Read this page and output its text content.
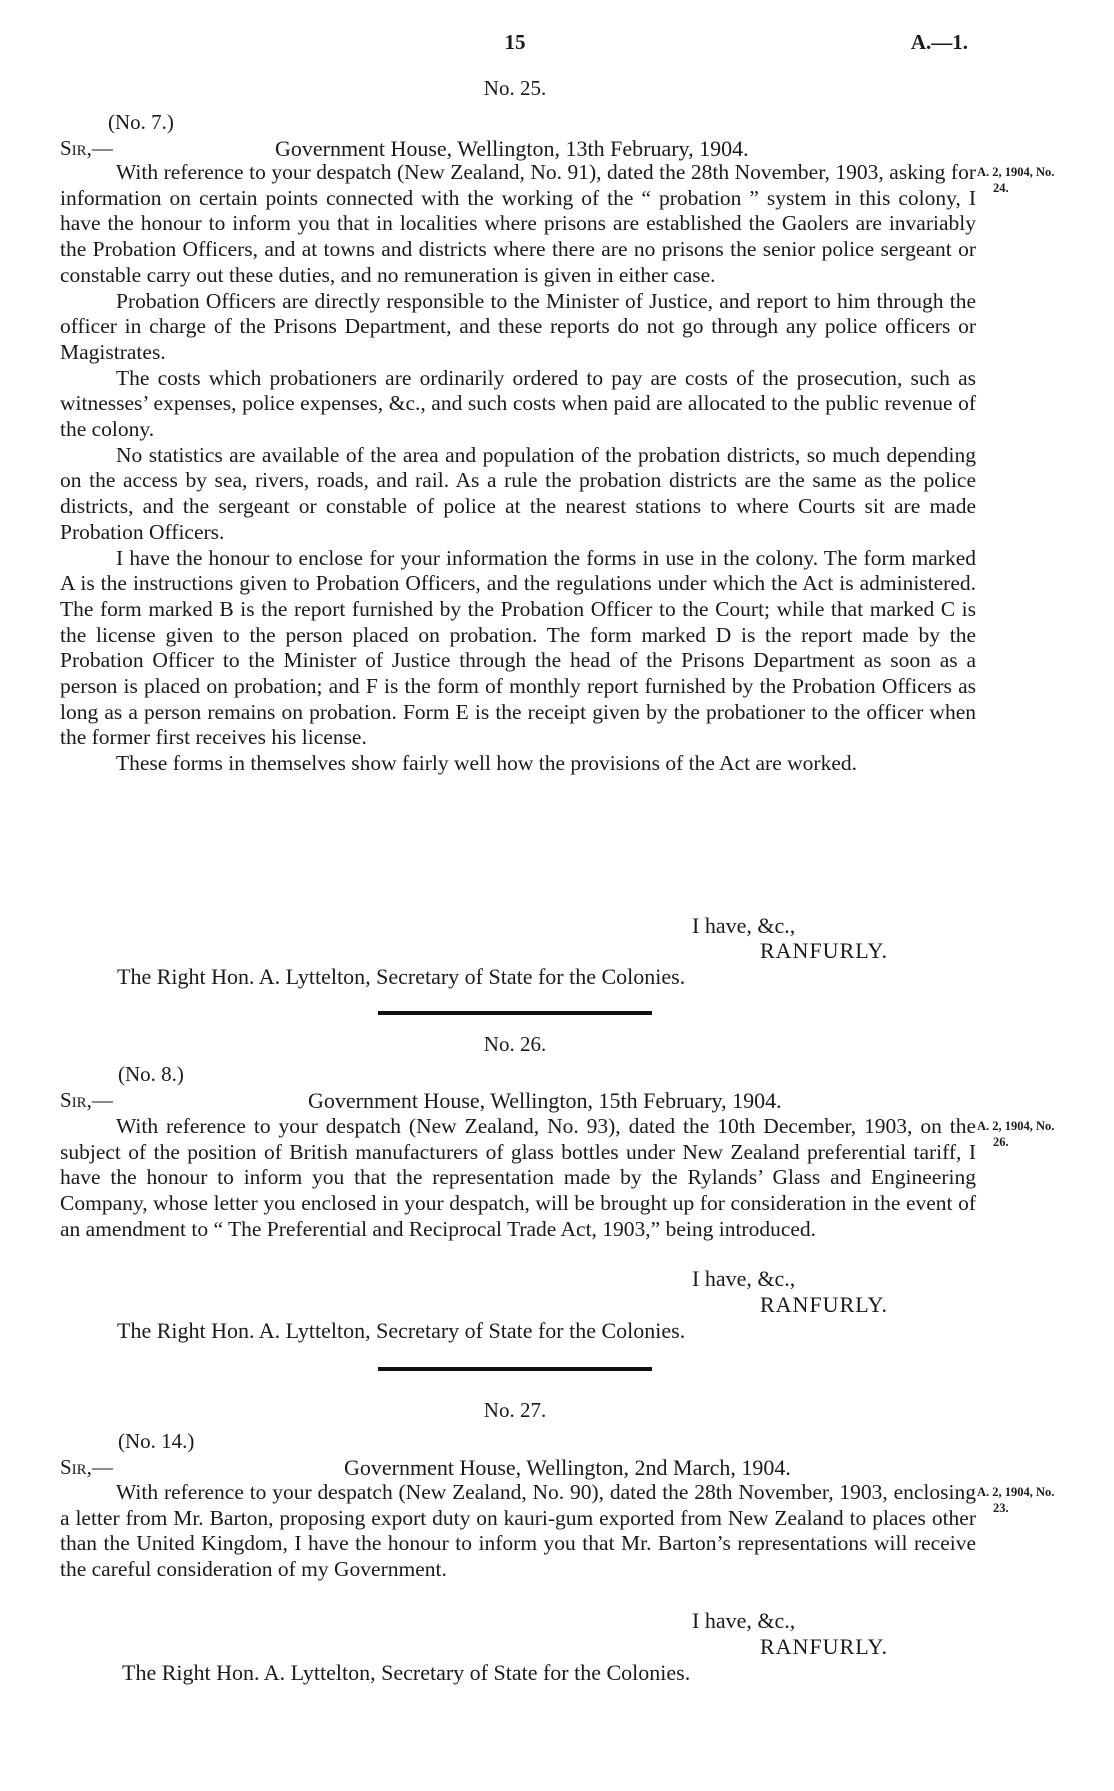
15	A.—1.
No. 25.
(No. 7.)
Sir,—	Government House, Wellington, 13th February, 1904.
A. 2, 1904, No.
24.

With reference to your despatch (New Zealand, No. 91), dated the 28th November, 1903, asking for information on certain points connected with the working of the “ probation ” system in this colony, I have the honour to inform you that in localities where prisons are established the Gaolers are invariably the Probation Officers, and at towns and districts where there are no prisons the senior police sergeant or constable carry out these duties, and no remuneration is given in either case.

Probation Officers are directly responsible to the Minister of Justice, and report to him through the officer in charge of the Prisons Department, and these reports do not go through any police officers or Magistrates.

The costs which probationers are ordinarily ordered to pay are costs of the prosecution, such as witnesses’ expenses, police expenses, &c., and such costs when paid are allocated to the public revenue of the colony.

No statistics are available of the area and population of the probation districts, so much depending on the access by sea, rivers, roads, and rail. As a rule the probation districts are the same as the police districts, and the sergeant or constable of police at the nearest stations to where Courts sit are made Probation Officers.

I have the honour to enclose for your information the forms in use in the colony. The form marked A is the instructions given to Probation Officers, and the regulations under which the Act is administered. The form marked B is the report furnished by the Probation Officer to the Court; while that marked C is the license given to the person placed on probation. The form marked D is the report made by the Probation Officer to the Minister of Justice through the head of the Prisons Department as soon as a person is placed on probation; and F is the form of monthly report furnished by the Probation Officers as long as a person remains on probation. Form E is the receipt given by the probationer to the officer when the former first receives his license.

These forms in themselves show fairly well how the provisions of the Act are worked.

I have, &c.,
RANFURLY.
The Right Hon. A. Lyttelton, Secretary of State for the Colonies.
No. 26.
(No. 8.)
Sir,—	Government House, Wellington, 15th February, 1904.
A. 2, 1904, No.
26.

With reference to your despatch (New Zealand, No. 93), dated the 10th December, 1903, on the subject of the position of British manufacturers of glass bottles under New Zealand preferential tariff, I have the honour to inform you that the representation made by the Rylands’ Glass and Engineering Company, whose letter you enclosed in your despatch, will be brought up for consideration in the event of an amendment to “ The Preferential and Reciprocal Trade Act, 1903,” being introduced.

I have, &c.,
RANFURLY.
The Right Hon. A. Lyttelton, Secretary of State for the Colonies.
No. 27.
(No. 14.)
Sir,—	Government House, Wellington, 2nd March, 1904.
A. 2, 1904, No.
23.

With reference to your despatch (New Zealand, No. 90), dated the 28th November, 1903, enclosing a letter from Mr. Barton, proposing export duty on kauri-gum exported from New Zealand to places other than the United Kingdom, I have the honour to inform you that Mr. Barton’s representations will receive the careful consideration of my Government.

I have, &c.,
RANFURLY.
The Right Hon. A. Lyttelton, Secretary of State for the Colonies.
